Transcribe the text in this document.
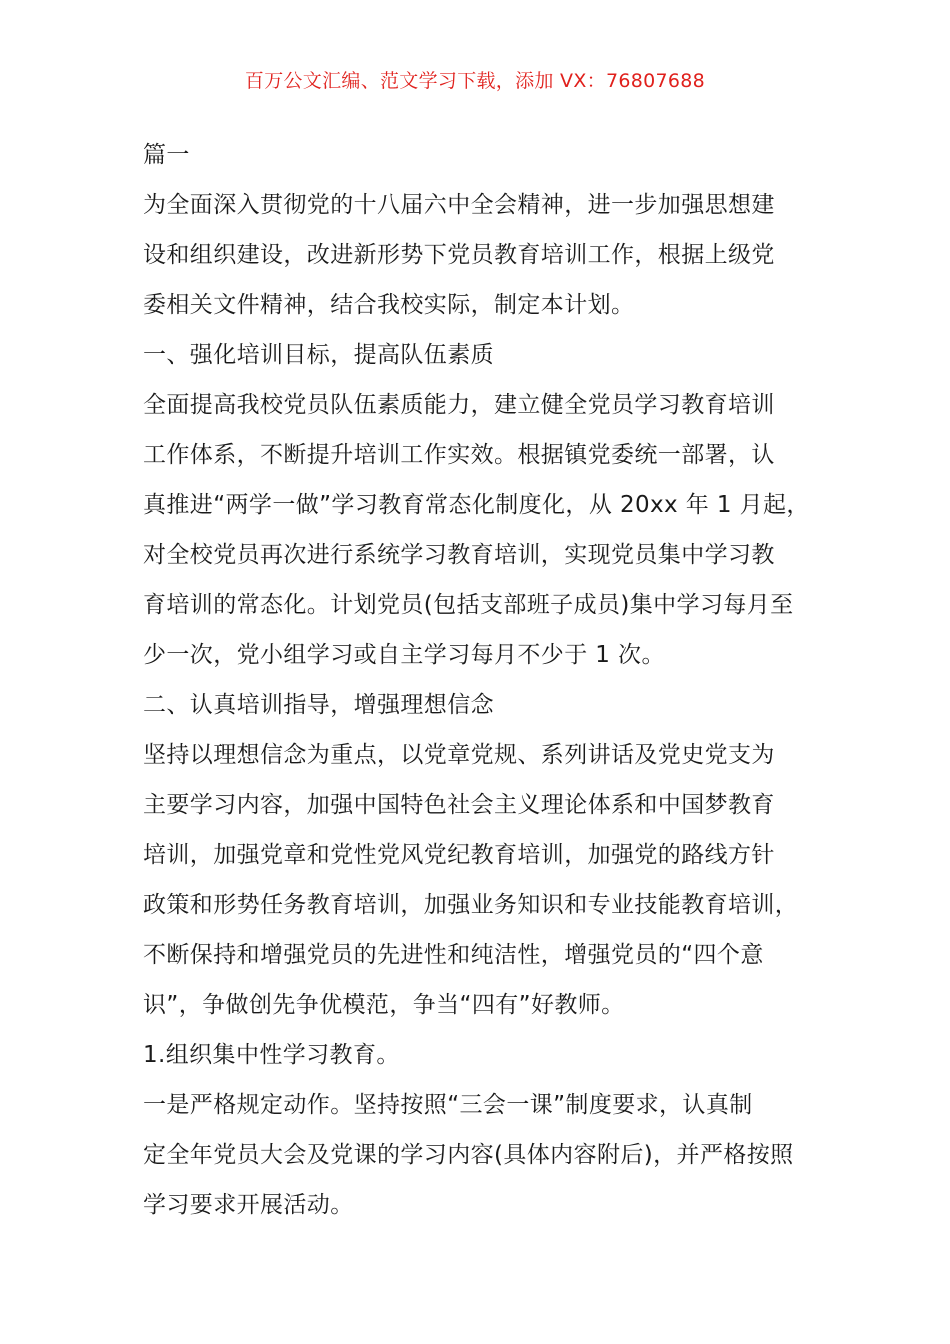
百万公文汇编、范文学习下载，添加 VX：76807688
篇一
为全面深入贯彻党的十八届六中全会精神，进一步加强思想建
设和组织建设，改进新形势下党员教育培训工作，根据上级党
委相关文件精神，结合我校实际，制定本计划。
一、强化培训目标，提高队伍素质
全面提高我校党员队伍素质能力，建立健全党员学习教育培训
工作体系，不断提升培训工作实效。根据镇党委统一部署，认
真推进“两学一做”学习教育常态化制度化，从 20xx 年 1 月起，
对全校党员再次进行系统学习教育培训，实现党员集中学习教
育培训的常态化。计划党员(包括支部班子成员)集中学习每月至
少一次，党小组学习或自主学习每月不少于 1 次。
二、认真培训指导，增强理想信念
坚持以理想信念为重点，以党章党规、系列讲话及党史党支为
主要学习内容，加强中国特色社会主义理论体系和中国梦教育
培训，加强党章和党性党风党纪教育培训，加强党的路线方针
政策和形势任务教育培训，加强业务知识和专业技能教育培训，
不断保持和增强党员的先进性和纯洁性，增强党员的“四个意
识”，争做创先争优模范，争当“四有”好教师。
1.组织集中性学习教育。
一是严格规定动作。坚持按照“三会一课”制度要求，认真制
定全年党员大会及党课的学习内容(具体内容附后)，并严格按照
学习要求开展活动。
